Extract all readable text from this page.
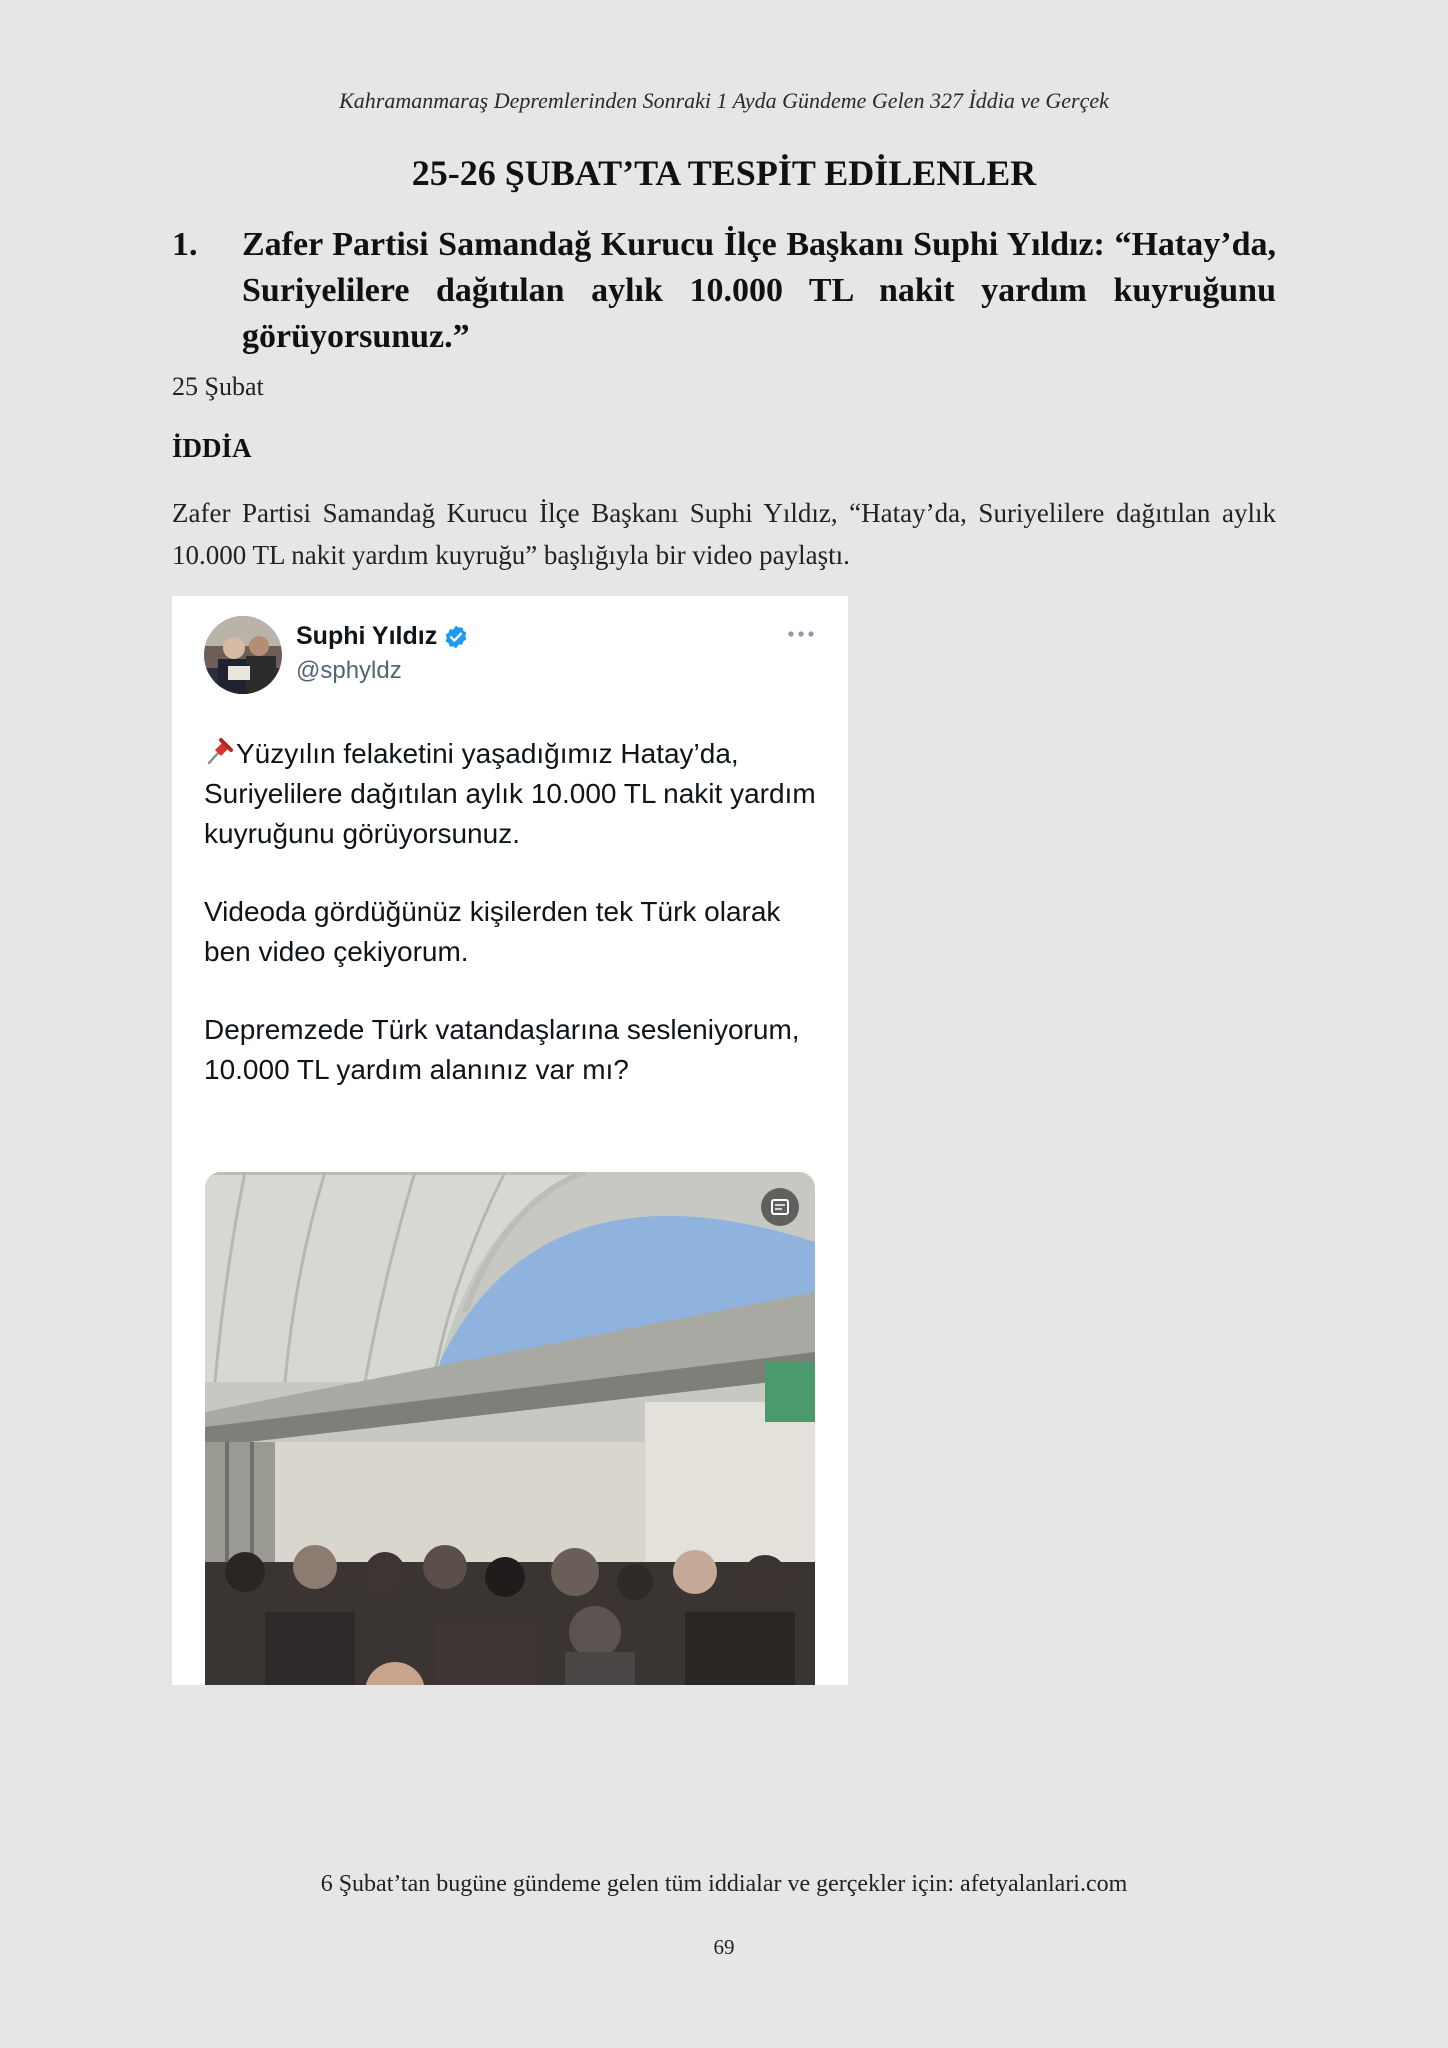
Kahramanmaraş Depremlerinden Sonraki 1 Ayda Gündeme Gelen 327 İddia ve Gerçek
25-26 ŞUBAT’TA TESPİT EDİLENLER
1. Zafer Partisi Samandağ Kurucu İlçe Başkanı Suphi Yıldız: “Hatay’da, Suriyelilere dağıtılan aylık 10.000 TL nakit yardım kuyruğunu görüyorsunuz.”
25 Şubat
İDDİA
Zafer Partisi Samandağ Kurucu İlçe Başkanı Suphi Yıldız, “Hatay’da, Suriyelilere dağıtılan aylık 10.000 TL nakit yardım kuyruğu” başlığıyla bir video paylaştı.
Suphi Yıldız
@sphyldz

Yüzyılın felaketini yaşadığımız Hatay’da, Suriyelilere dağıtılan aylık 10.000 TL nakit yardım kuyruğunu görüyorsunuz.

Videoda gördüğünüz kişilerden tek Türk olarak ben video çekiyorum.

Depremzede Türk vatandaşlarına sesleniyorum, 10.000 TL yardım alanınız var mı?

6 Şubat’tan bugüne gündeme gelen tüm iddialar ve gerçekler için: afetyalanlari.com
69
